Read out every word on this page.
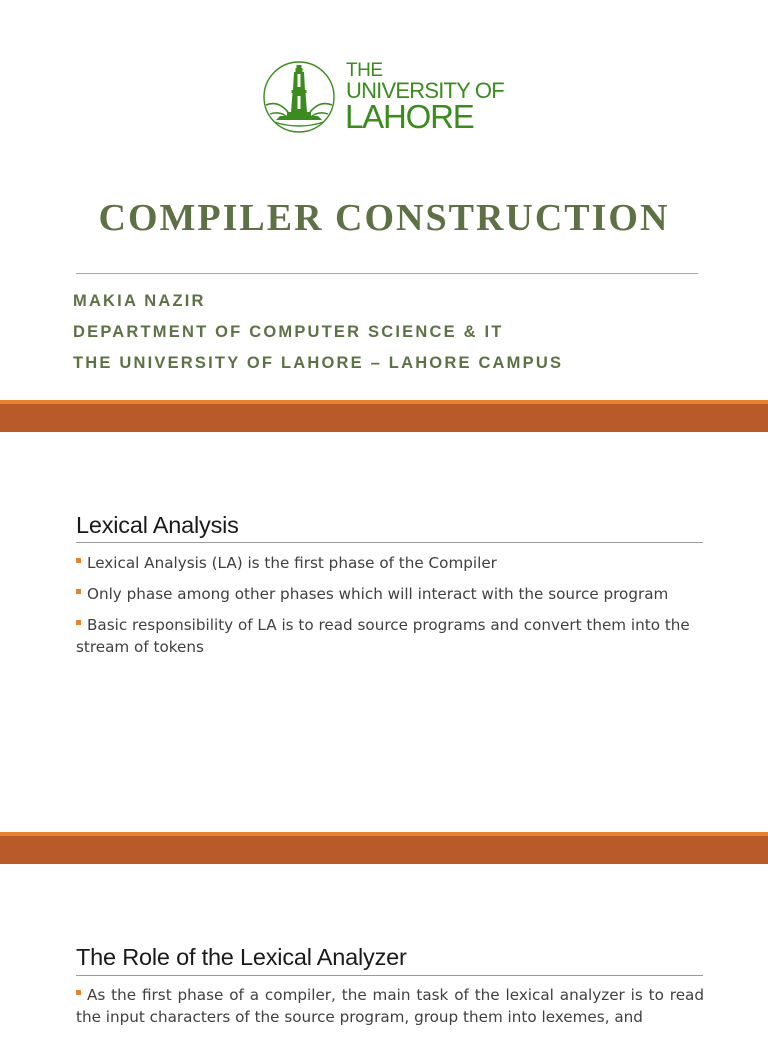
THE
UNIVERSITY OF
LAHORE
COMPILER CONSTRUCTION

MAKIA NAZIR

DEPARTMENT OF COMPUTER SCIENCE & IT

THE UNIVERSITY OF LAHORE – LAHORE CAMPUS

Lexical Analysis
Lexical Analysis (LA) is the first phase of the Compiler
Only phase among other phases which will interact with the source program
Basic responsibility of LA is to read source programs and convert them into the stream of tokens
The Role of the Lexical Analyzer
As the first phase of a compiler, the main task of the lexical analyzer is to read the input characters of the source program, group them into lexemes, and
